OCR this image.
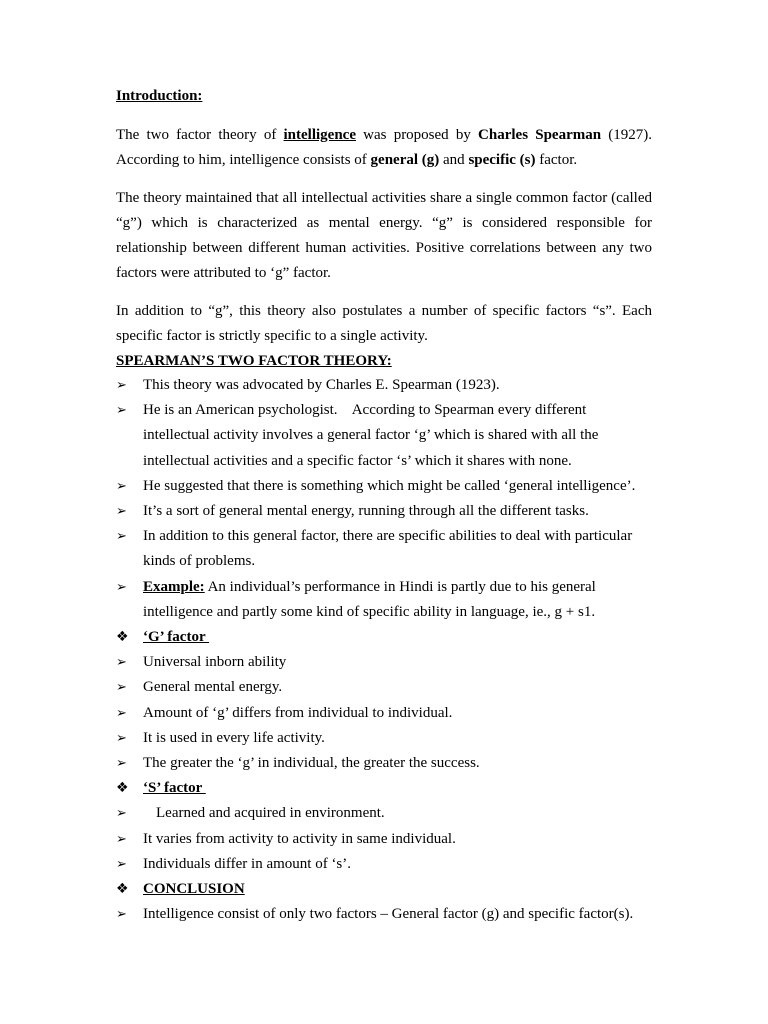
Introduction:

The two factor theory of intelligence was proposed by Charles Spearman (1927). According to him, intelligence consists of general (g) and specific (s) factor.

The theory maintained that all intellectual activities share a single common factor (called “g”) which is characterized as mental energy. “g” is considered responsible for relationship between different human activities. Positive correlations between any two factors were attributed to ‘g” factor.

In addition to “g”, this theory also postulates a number of specific factors “s”. Each specific factor is strictly specific to a single activity.

SPEARMAN’S TWO FACTOR THEORY:
➢ This theory was advocated by Charles E. Spearman (1923).
➢ He is an American psychologist.    According to Spearman every different intellectual activity involves a general factor ‘g’ which is shared with all the intellectual activities and a specific factor ‘s’ which it shares with none.
➢ He suggested that there is something which might be called ‘general intelligence’.
➢ It’s a sort of general mental energy, running through all the different tasks.
➢ In addition to this general factor, there are specific abilities to deal with particular kinds of problems.
➢ Example: An individual’s performance in Hindi is partly due to his general intelligence and partly some kind of specific ability in language, ie., g + s1.
❖ ‘G’ factor
➢ Universal inborn ability
➢ General mental energy.
➢ Amount of ‘g’ differs from individual to individual.
➢ It is used in every life activity.
➢ The greater the ‘g’ in individual, the greater the success.
❖ ‘S’ factor
➢ Learned and acquired in environment.
➢ It varies from activity to activity in same individual.
➢ Individuals differ in amount of ‘s’.
❖ CONCLUSION
➢ Intelligence consist of only two factors – General factor (g) and specific factor(s).
